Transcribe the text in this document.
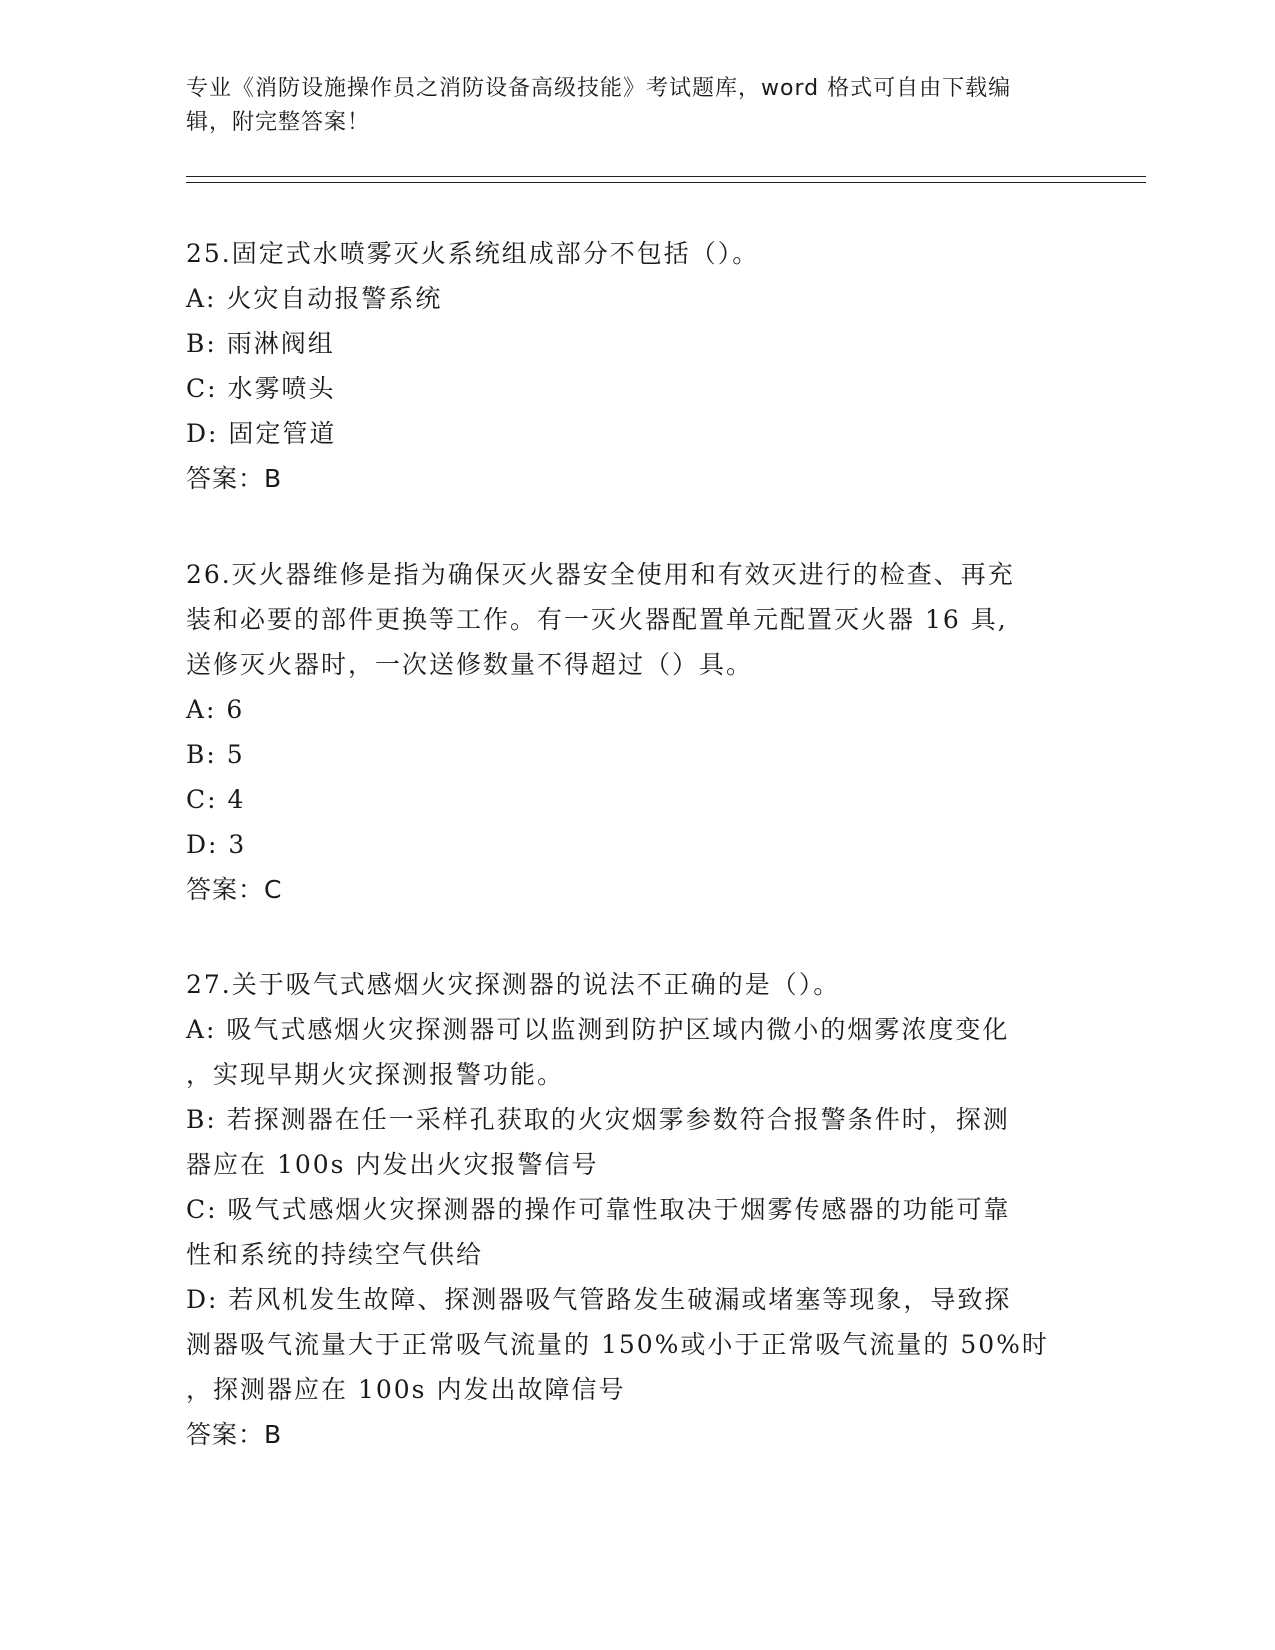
专业《消防设施操作员之消防设备高级技能》考试题库，word 格式可自由下载编
辑，附完整答案！
25.固定式水喷雾灭火系统组成部分不包括（）。
A: 火灾自动报警系统
B: 雨淋阀组
C: 水雾喷头
D: 固定管道
答案：B
26.灭火器维修是指为确保灭火器安全使用和有效灭进行的检查、再充
装和必要的部件更换等工作。有一灭火器配置单元配置灭火器 16 具,
送修灭火器时，一次送修数量不得超过（）具。
A: 6
B: 5
C: 4
D: 3
答案：C
27.关于吸气式感烟火灾探测器的说法不正确的是（）。
A: 吸气式感烟火灾探测器可以监测到防护区域内微小的烟雾浓度变化
，实现早期火灾探测报警功能。
B: 若探测器在任一采样孔获取的火灾烟雺参数符合报警条件时，探测
器应在 100s 内发出火灾报警信号
C: 吸气式感烟火灾探测器的操作可靠性取决于烟雾传感器的功能可靠
性和系统的持续空气供给
D: 若风机发生故障、探测器吸气管路发生破漏或堵塞等现象，导致探
测器吸气流量大于正常吸气流量的 150%或小于正常吸气流量的 50%时
，探测器应在 100s 内发出故障信号
答案：B
